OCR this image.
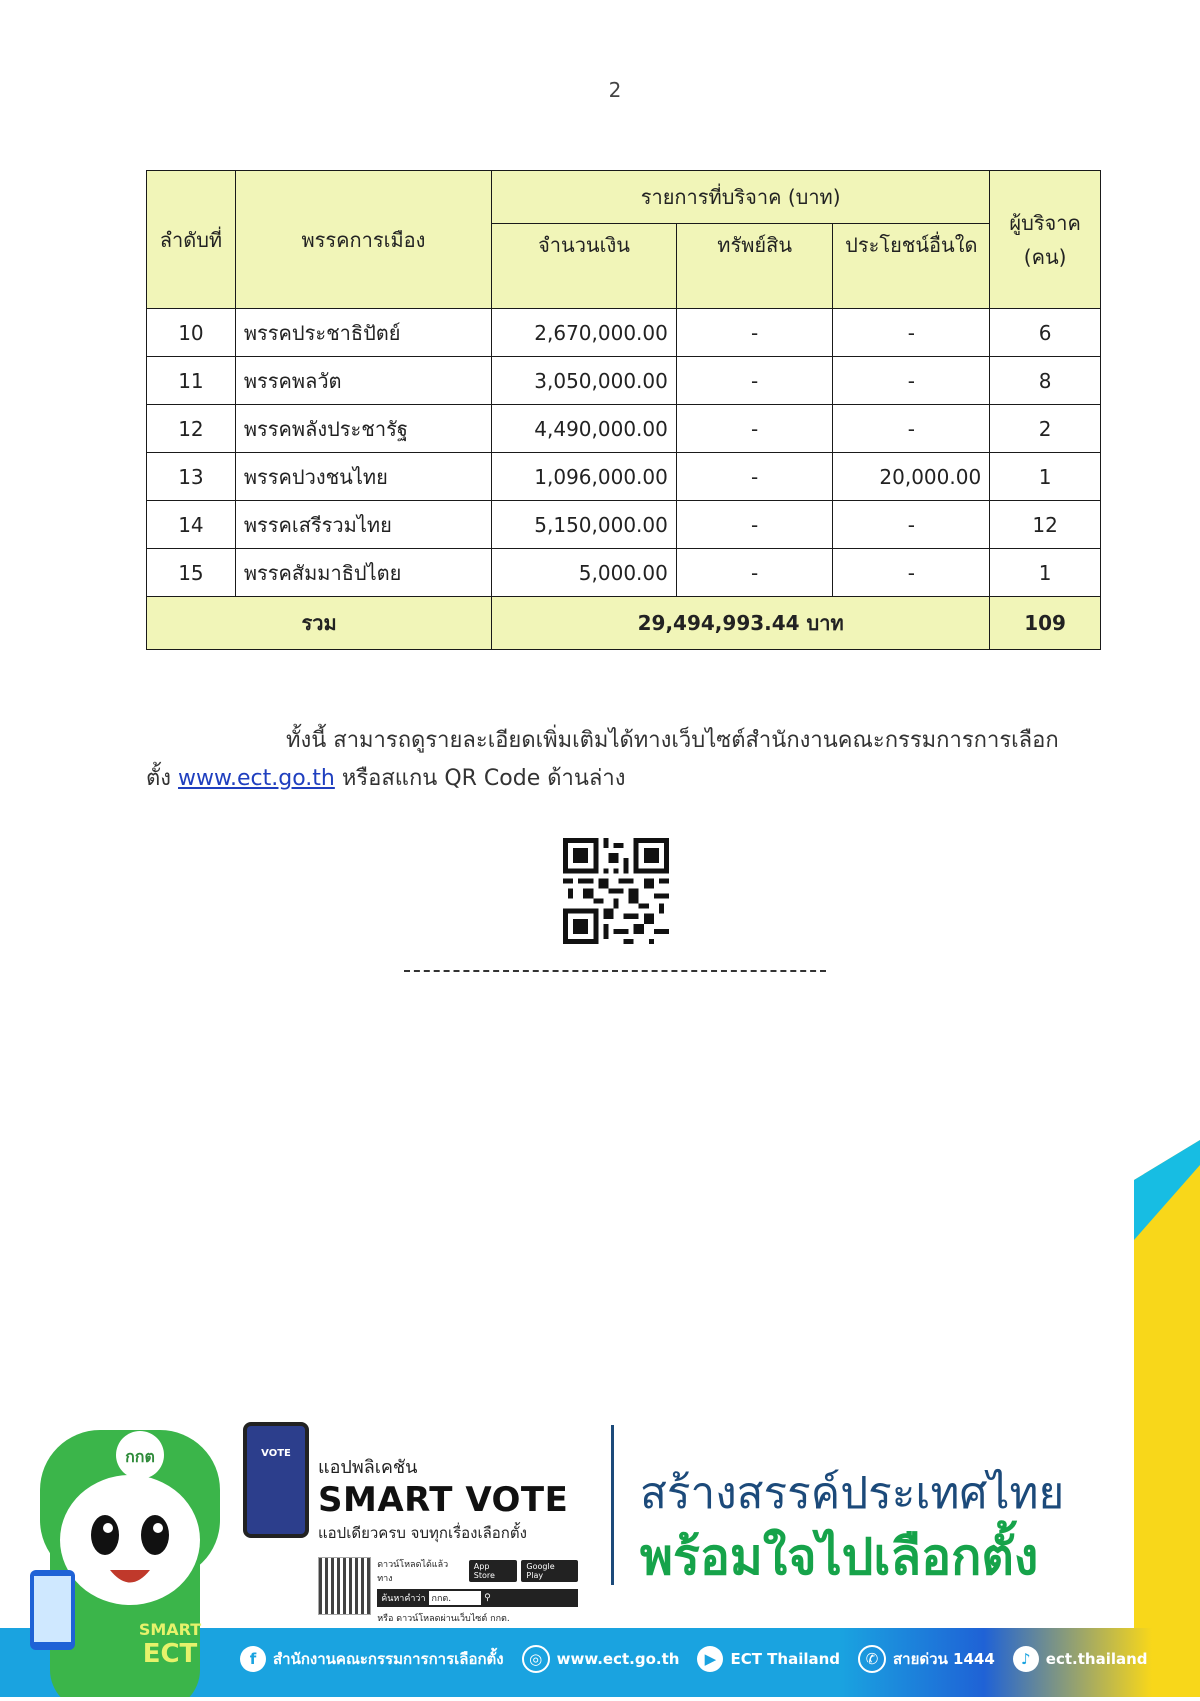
2
ลำดับที่	พรรคการเมือง	รายการที่บริจาค (บาท)			ผู้บริจาค (คน)
		จำนวนเงิน	ทรัพย์สิน	ประโยชน์อื่นใด	
10	พรรคประชาธิปัตย์	2,670,000.00	-	-	6
11	พรรคพลวัต	3,050,000.00	-	-	8
12	พรรคพลังประชารัฐ	4,490,000.00	-	-	2
13	พรรคปวงชนไทย	1,096,000.00	-	20,000.00	1
14	พรรคเสรีรวมไทย	5,150,000.00	-	-	12
15	พรรคสัมมาธิปไตย	5,000.00	-	-	1
รวม		29,494,993.44 บาท			109
ทั้งนี้ สามารถดูรายละเอียดเพิ่มเติมได้ทางเว็บไซต์สำนักงานคณะกรรมการการเลือกตั้ง www.ect.go.th หรือสแกน QR Code ด้านล่าง
กกต
SMART
ECT
VOTE
แอปพลิเคชัน
SMART VOTE
แอปเดียวครบ จบทุกเรื่องเลือกตั้ง
ดาวน์โหลดได้แล้ว ทาง
App Store
Google Play
ค้นหาคำว่า กกต.	⚲
หรือ ดาวน์โหลดผ่านเว็บไซต์ กกต.
สร้างสรรค์ประเทศไทย
พร้อมใจไปเลือกตั้ง
f	สำนักงานคณะกรรมการการเลือกตั้ง	◎ www.ect.go.th	▶ ECT Thailand	✆ สายด่วน 1444	♪	ect.thailand
